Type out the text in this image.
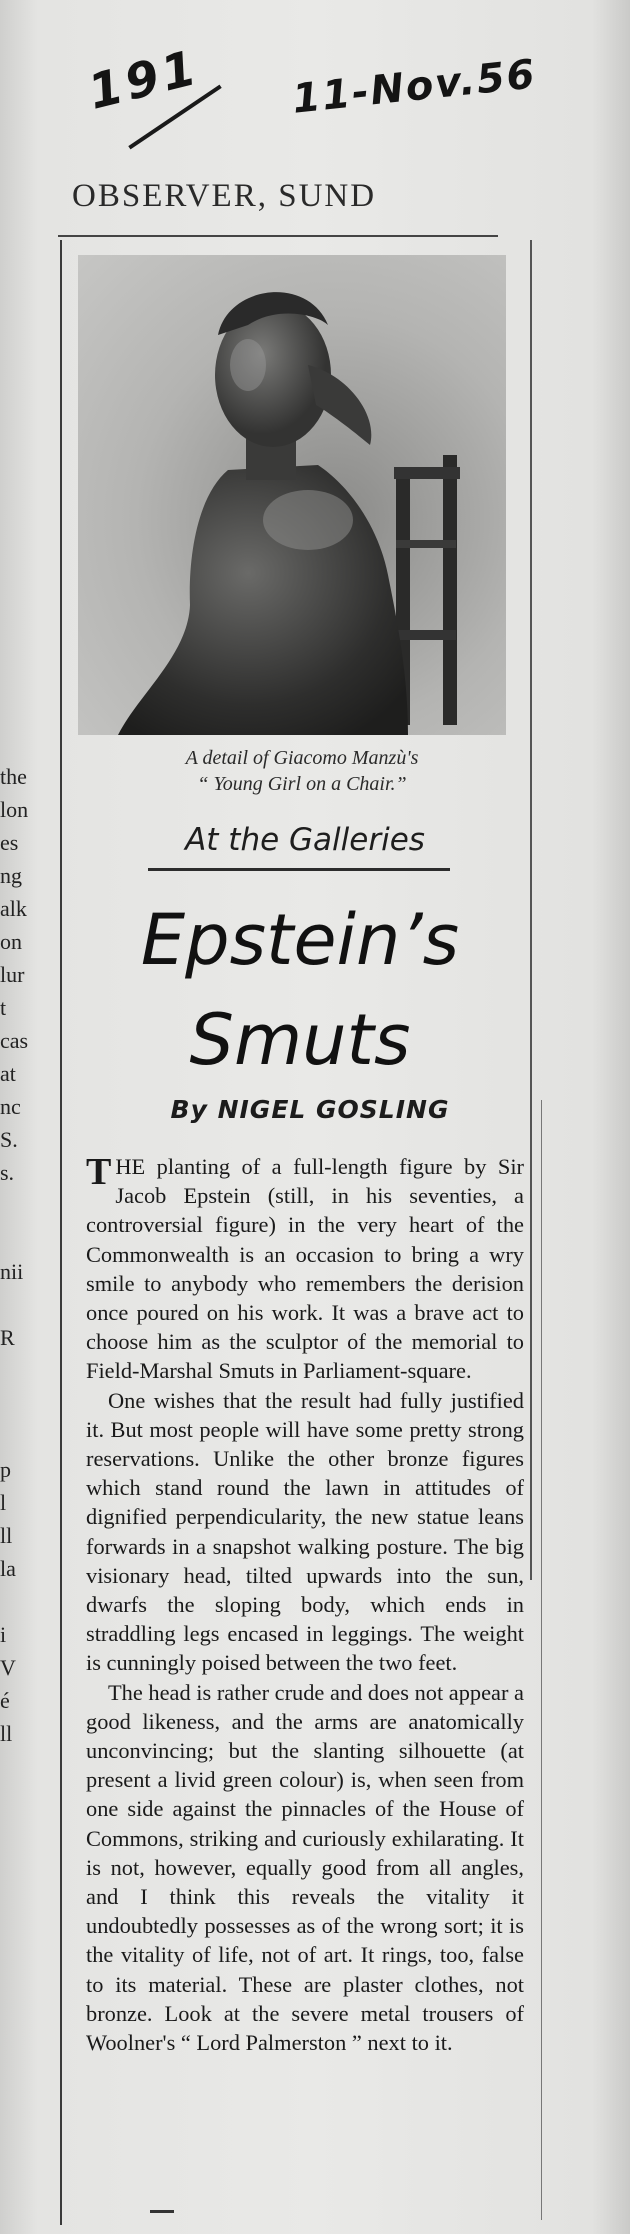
191 11-Nov.56
OBSERVER, SUND
the
lon
es
ng
alk
on
lur
t
cas
at
nc
S.
s.
nii
R
p
l
ll
la
i
V
é
ll
A detail of Giacomo Manzù's
“ Young Girl on a Chair.”
At the Galleries
Epstein’s
Smuts
By NIGEL GOSLING

THE planting of a full-length figure by Sir Jacob Epstein (still, in his seventies, a controversial figure) in the very heart of the Commonwealth is an occasion to bring a wry smile to anybody who remembers the derision once poured on his work. It was a brave act to choose him as the sculptor of the memorial to Field-Marshal Smuts in Parliament-square.

One wishes that the result had fully justified it. But most people will have some pretty strong reservations. Unlike the other bronze figures which stand round the lawn in attitudes of dignified perpendicularity, the new statue leans forwards in a snapshot walking posture. The big visionary head, tilted upwards into the sun, dwarfs the sloping body, which ends in straddling legs encased in leggings. The weight is cunningly poised between the two feet.

The head is rather crude and does not appear a good likeness, and the arms are anatomically unconvincing; but the slanting silhouette (at present a livid green colour) is, when seen from one side against the pinnacles of the House of Commons, striking and curiously exhilarating. It is not, however, equally good from all angles, and I think this reveals the vitality it undoubtedly possesses as of the wrong sort; it is the vitality of life, not of art. It rings, too, false to its material. These are plaster clothes, not bronze. Look at the severe metal trousers of Woolner's “ Lord Palmerston ” next to it.
